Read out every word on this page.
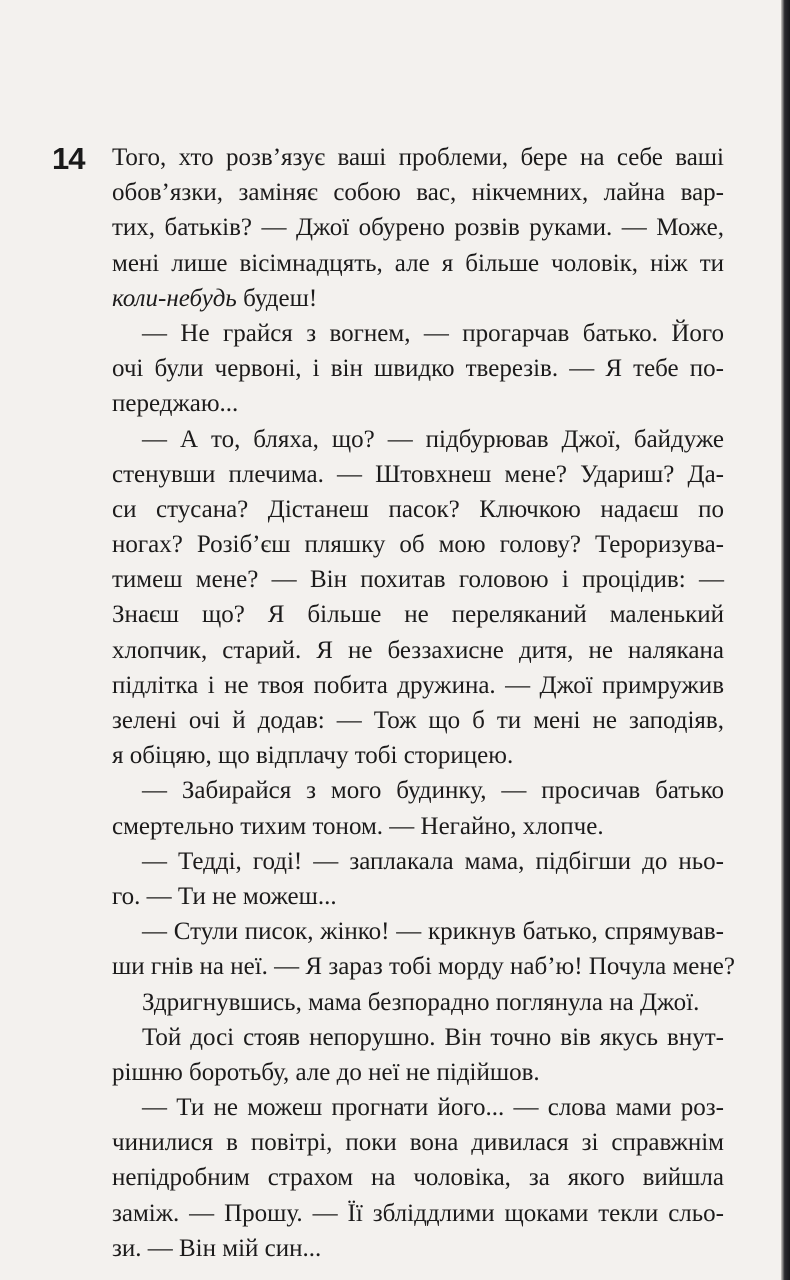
14 Того, хто розв’язує ваші проблеми, бере на себе ваші
обов’язки, заміняє собою вас, нікчемних, лайна вар-
тих, батьків? — Джої обурено розвів руками. — Може,
мені лише вісімнадцять, але я більше чоловік, ніж ти
коли-небудь будеш!
— Не грайся з вогнем, — прогарчав батько. Його
очі були червоні, і він швидко тверезів. — Я тебе по-
переджаю...
— А то, бляха, що? — підбурював Джої, байдуже
стенувши плечима. — Штовхнеш мене? Удариш? Да-
си стусана? Дістанеш пасок? Ключкою надаєш по
ногах? Розіб’єш пляшку об мою голову? Тероризува-
тимеш мене? — Він похитав головою і процідив: —
Знаєш що? Я більше не переляканий маленький
хлопчик, старий. Я не беззахисне дитя, не налякана
підлітка і не твоя побита дружина. — Джої примружив
зелені очі й додав: — Тож що б ти мені не заподіяв,
я обіцяю, що відплачу тобі сторицею.
— Забирайся з мого будинку, — просичав батько
смертельно тихим тоном. — Негайно, хлопче.
— Теддi, годі! — заплакала мама, підбігши до ньо-
го. — Ти не можеш...
— Стули писок, жінко! — крикнув батько, спрямував-
ши гнів на неї. — Я зараз тобі морду наб’ю! Почула мене?
Здригнувшись, мама безпорадно поглянула на Джої.
Той досі стояв непорушно. Він точно вів якусь внут-
рішню боротьбу, але до неї не підійшов.
— Ти не можеш прогнати його... — слова мами роз-
чинилися в повітрі, поки вона дивилася зі справжнім
непідробним страхом на чоловіка, за якого вийшла
заміж. — Прошу. — Її збліддлими щоками текли сльо-
зи. — Він мій син...
